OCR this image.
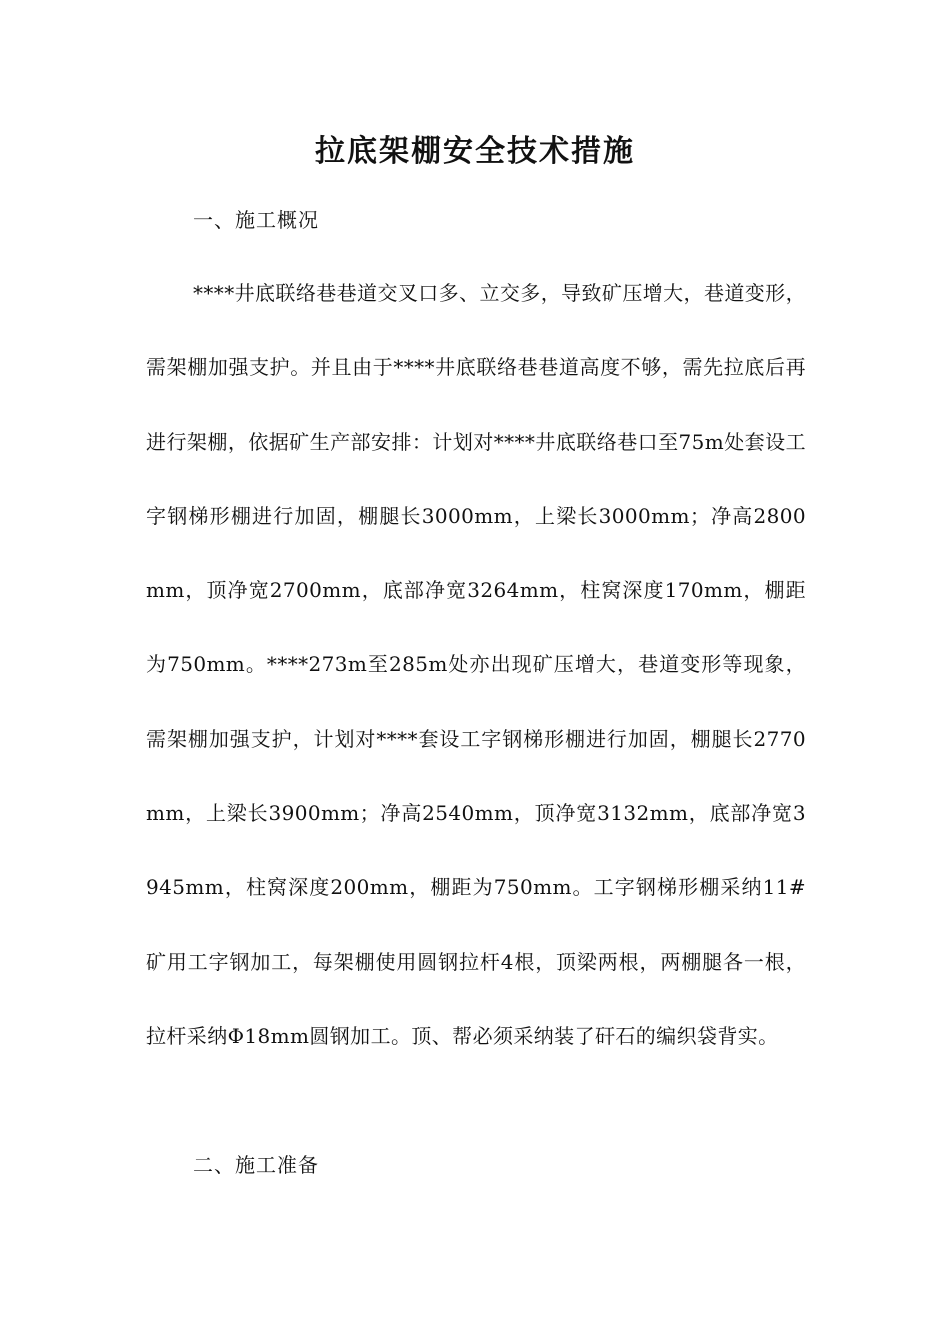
拉底架棚安全技术措施
一、施工概况

****井底联络巷巷道交叉口多、立交多，导致矿压增大，巷道变形，需架棚加强支护。并且由于****井底联络巷巷道高度不够，需先拉底后再进行架棚，依据矿生产部安排：计划对****井底联络巷口至75m处套设工字钢梯形棚进行加固，棚腿长3000mm，上梁长3000mm；净高2800mm，顶净宽2700mm，底部净宽3264mm，柱窝深度170mm，棚距为750mm。****273m至285m处亦出现矿压增大，巷道变形等现象，需架棚加强支护，计划对****套设工字钢梯形棚进行加固，棚腿长2770mm，上梁长3900mm；净高2540mm，顶净宽3132mm，底部净宽3945mm，柱窝深度200mm，棚距为750mm。工字钢梯形棚采纳11#矿用工字钢加工，每架棚使用圆钢拉杆4根，顶梁两根，两棚腿各一根，拉杆采纳Φ18mm圆钢加工。顶、帮必须采纳装了矸石的编织袋背实。

二、施工准备
